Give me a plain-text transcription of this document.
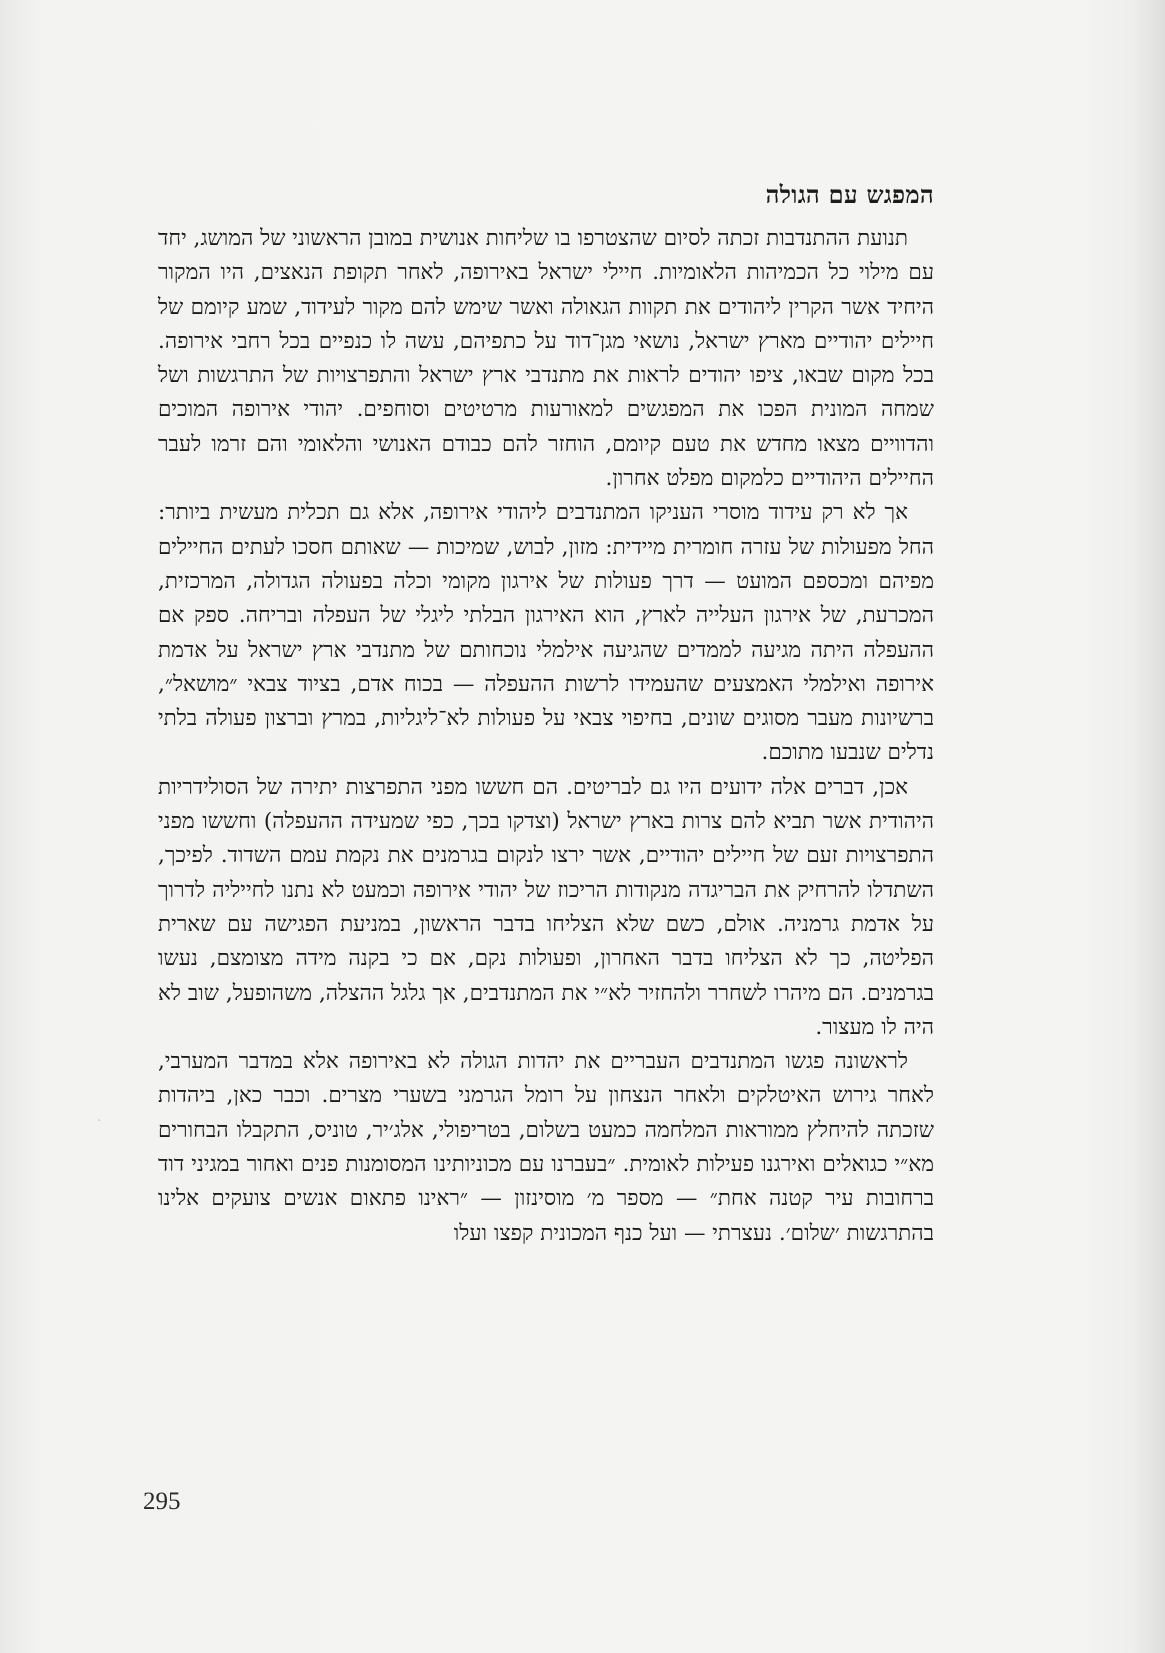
המפגש עם הגולה

תנועת ההתנדבות זכתה לסיום שהצטרפו בו שליחות אנושית במובן הראשוני של המושג, יחד עם מילוי כל הכמיהות הלאומיות. חיילי ישראל באירופה, לאחר תקופת הנאצים, היו המקור היחיד אשר הקרין ליהודים את תקוות הגאולה ואשר שימש להם מקור לעידוד, שמע קיומם של חיילים יהודיים מארץ ישראל, נושאי מגן־דוד על כתפיהם, עשה לו כנפיים בכל רחבי אירופה. בכל מקום שבאו, ציפו יהודים לראות את מתנדבי ארץ ישראל והתפרצויות של התרגשות ושל שמחה המונית הפכו את המפגשים למאורעות מרטיטים וסוחפים. יהודי אירופה המוכים והדוויים מצאו מחדש את טעם קיומם, הוחזר להם כבודם האנושי והלאומי והם זרמו לעבר החיילים היהודיים כלמקום מפלט אחרון.

אך לא רק עידוד מוסרי העניקו המתנדבים ליהודי אירופה, אלא גם תכלית מעשית ביותר: החל מפעולות של עזרה חומרית מיידית: מזון, לבוש, שמיכות — שאותם חסכו לעתים החיילים מפיהם ומכספם המועט — דרך פעולות של אירגון מקומי וכלה בפעולה הגדולה, המרכזית, המכרעת, של אירגון העלייה לארץ, הוא האירגון הבלתי ליגלי של העפלה ובריחה. ספק אם ההעפלה היתה מגיעה לממדים שהגיעה אילמלי נוכחותם של מתנדבי ארץ ישראל על אדמת אירופה ואילמלי האמצעים שהעמידו לרשות ההעפלה — בכוח אדם, בציוד צבאי ״מושאל״, ברשיונות מעבר מסוגים שונים, בחיפוי צבאי על פעולות לא־ליגליות, במרץ וברצון פעולה בלתי נדלים שנבעו מתוכם.

אכן, דברים אלה ידועים היו גם לבריטים. הם חששו מפני התפרצות יתירה של הסולידריות היהודית אשר תביא להם צרות בארץ ישראל (וצדקו בכך, כפי שמעידה ההעפלה) וחששו מפני התפרצויות זעם של חיילים יהודיים, אשר ירצו לנקום בגרמנים את נקמת עמם השדוד. לפיכך, השתדלו להרחיק את הבריגדה מנקודות הריכוז של יהודי אירופה וכמעט לא נתנו לחייליה לדרוך על אדמת גרמניה. אולם, כשם שלא הצליחו בדבר הראשון, במניעת הפגישה עם שארית הפליטה, כך לא הצליחו בדבר האחרון, ופעולות נקם, אם כי בקנה מידה מצומצם, נעשו בגרמנים. הם מיהרו לשחרר ולהחזיר לא״י את המתנדבים, אך גלגל ההצלה, משהופעל, שוב לא היה לו מעצור.

לראשונה פגשו המתנדבים העבריים את יהדות הגולה לא באירופה אלא במדבר המערבי, לאחר גירוש האיטלקים ולאחר הנצחון על רומל הגרמני בשערי מצרים. וכבר כאן, ביהדות שזכתה להיחלץ ממוראות המלחמה כמעט בשלום, בטריפולי, אלג׳יר, טוניס, התקבלו הבחורים מא״י כגואלים ואירגנו פעילות לאומית. ״בעברנו עם מכוניותינו המסומנות פנים ואחור במגיני דוד ברחובות עיר קטנה אחת״ — מספר מ׳ מוסינזון — ״ראינו פתאום אנשים צועקים אלינו בהתרגשות ׳שלום׳. נעצרתי — ועל כנף המכונית קפצו ועלו

·
295
